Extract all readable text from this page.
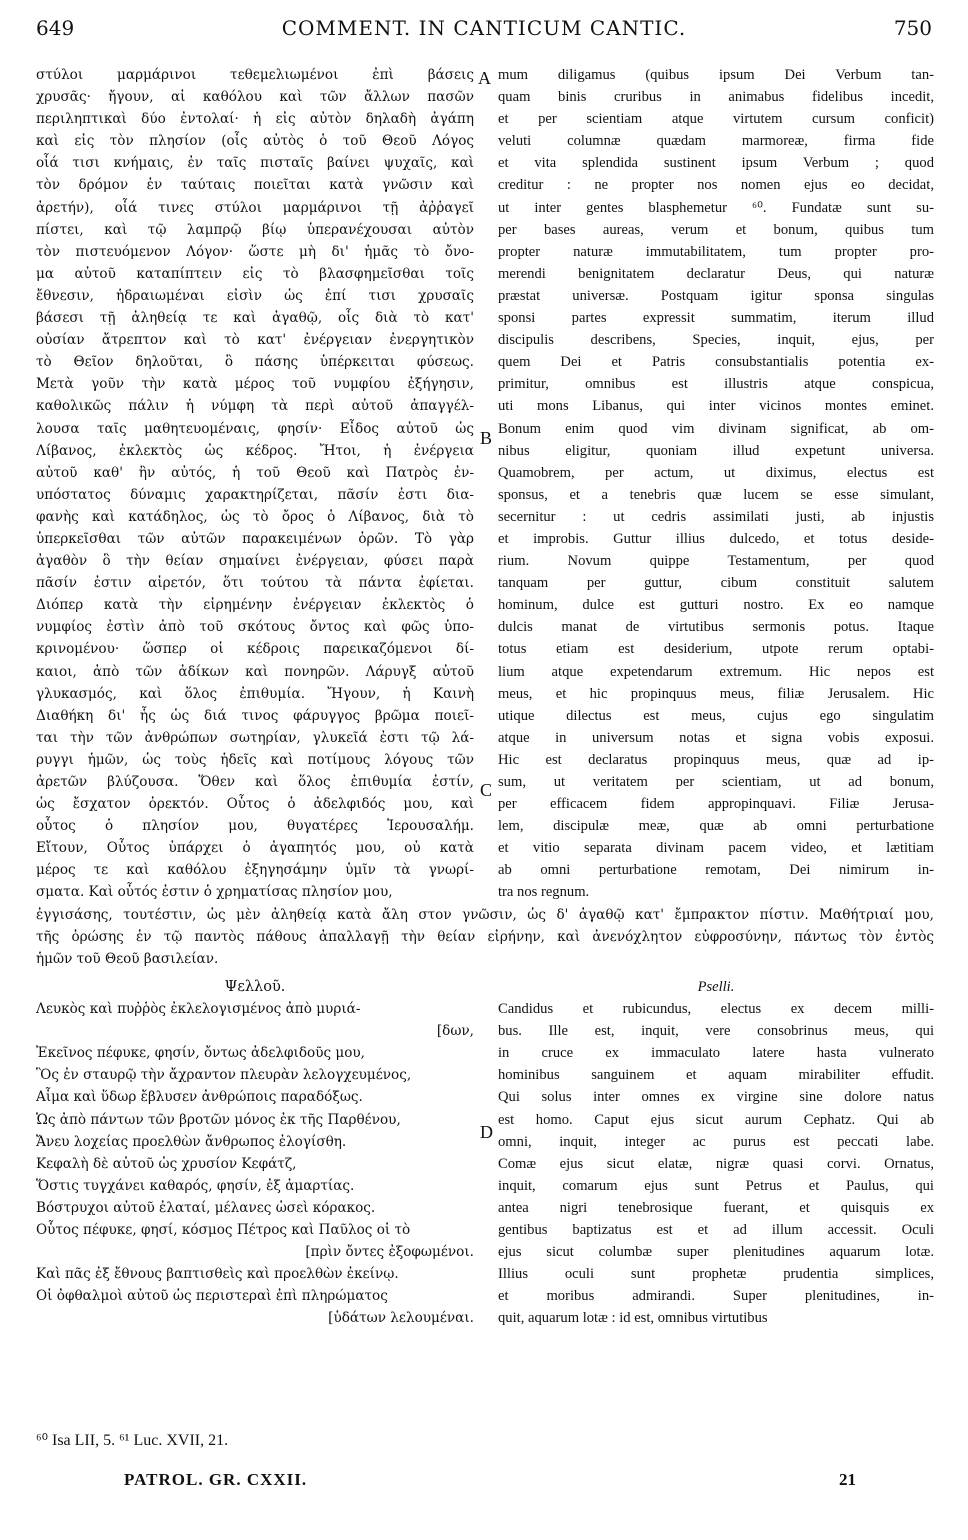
649	COMMENT. IN CANTICUM CANTIC.	750
στύλοι μαρμάρινοι τεθεμελιωμένοι ἐπὶ βάσεις
χρυσᾶς· ἤγουν, αἱ καθόλου καὶ τῶν ἄλλων πασῶν
περιληπτικαὶ δύο ἐντολαί· ἡ εἰς αὐτὸν δηλαδὴ ἀγάπη
καὶ εἰς τὸν πλησίον (οἷς αὐτὸς ὁ τοῦ Θεοῦ Λόγος
οἷά τισι κνήμαις, ἐν ταῖς πισταῖς βαίνει ψυχαῖς, καὶ
τὸν δρόμον ἐν ταύταις ποιεῖται κατὰ γνῶσιν καὶ
ἀρετήν), οἷά τινες στύλοι μαρμάρινοι τῇ ἀῤῥαγεῖ
πίστει, καὶ τῷ λαμπρῷ βίῳ ὑπερανέχουσαι αὐτὸν
τὸν πιστευόμενον Λόγον· ὥστε μὴ δι' ἡμᾶς τὸ ὄνο-
μα αὐτοῦ καταπίπτειν εἰς τὸ βλασφημεῖσθαι τοῖς
ἔθνεσιν, ἡδραιωμέναι εἰσὶν ὡς ἐπί τισι χρυσαῖς
βάσεσι τῇ ἀληθείᾳ τε καὶ ἀγαθῷ, οἷς διὰ τὸ κατ'
οὐσίαν ἄτρεπτον καὶ τὸ κατ' ἐνέργειαν ἐνεργητικὸν
τὸ Θεῖον δηλοῦται, ὃ πάσης ὑπέρκειται φύσεως.
Μετὰ γοῦν τὴν κατὰ μέρος τοῦ νυμφίου ἐξήγησιν,
καθολικῶς πάλιν ἡ νύμφη τὰ περὶ αὐτοῦ ἀπαγγέλ-
λουσα ταῖς μαθητευομέναις, φησίν· Εἶδος αὐτοῦ ὡς
Λίβανος, ἐκλεκτὸς ὡς κέδρος. Ἤτοι, ἡ ἐνέργεια
αὐτοῦ καθ' ἣν αὐτός, ἡ τοῦ Θεοῦ καὶ Πατρὸς ἐν-
υπόστατος δύναμις χαρακτηρίζεται, πᾶσίν ἐστι δια-
φανὴς καὶ κατάδηλος, ὡς τὸ ὄρος ὁ Λίβανος, διὰ τὸ
ὑπερκεῖσθαι τῶν αὐτῶν παρακειμένων ὁρῶν. Τὸ γὰρ
ἀγαθὸν ὃ τὴν θείαν σημαίνει ἐνέργειαν, φύσει παρὰ
πᾶσίν ἐστιν αἱρετόν, ὅτι τούτου τὰ πάντα ἐφίεται.
Διόπερ κατὰ τὴν εἰρημένην ἐνέργειαν ἐκλεκτὸς ὁ
νυμφίος ἐστὶν ἀπὸ τοῦ σκότους ὄντος καὶ φῶς ὑπο-
κρινομένου· ὥσπερ οἱ κέδροις παρεικαζόμενοι δί-
καιοι, ἀπὸ τῶν ἀδίκων καὶ πονηρῶν. Λάρυγξ αὐτοῦ
γλυκασμός, καὶ ὅλος ἐπιθυμία. Ἤγουν, ἡ Καινὴ
Διαθήκη δι' ἧς ὡς διά τινος φάρυγγος βρῶμα ποιεῖ-
ται τὴν τῶν ἀνθρώπων σωτηρίαν, γλυκεῖά ἐστι τῷ λά-
ρυγγι ἡμῶν, ὡς τοὺς ἡδεῖς καὶ ποτίμους λόγους τῶν
ἀρετῶν βλύζουσα. Ὅθεν καὶ ὅλος ἐπιθυμία ἐστίν,
ὡς ἔσχατον ὀρεκτόν. Οὗτος ὁ ἀδελφιδός μου, καὶ
οὗτος ὁ πλησίον μου, θυγατέρες Ἱερουσαλήμ.
Εἴτουν, Οὗτος ὑπάρχει ὁ ἀγαπητός μου, οὐ κατὰ
μέρος τε καὶ καθόλου ἐξηγησάμην ὑμῖν τὰ γνωρί-
σματα. Καὶ οὗτός ἐστιν ὁ χρηματίσας πλησίον μου,
mum diligamus (quibus ipsum Dei Verbum tan-
quam binis cruribus in animabus fidelibus incedit,
et per scientiam atque virtutem cursum conficit)
veluti columnæ quædam marmoreæ, firma fide
et vita splendida sustinent ipsum Verbum ; quod
creditur : ne propter nos nomen ejus eo decidat,
ut inter gentes blasphemetur ⁶⁰. Fundatæ sunt su-
per bases aureas, verum et bonum, quibus tum
propter naturæ immutabilitatem, tum propter pro-
merendi benignitatem declaratur Deus, qui naturæ
præstat universæ. Postquam igitur sponsa singulas
sponsi partes expressit summatim, iterum illud
discipulis describens, Species, inquit, ejus, per
quem Dei et Patris consubstantialis potentia ex-
primitur, omnibus est illustris atque conspicua,
uti mons Libanus, qui inter vicinos montes eminet.
Bonum enim quod vim divinam significat, ab om-
nibus eligitur, quoniam illud expetunt universa.
Quamobrem, per actum, ut diximus, electus est
sponsus, et a tenebris quæ lucem se esse simulant,
secernitur : ut cedris assimilati justi, ab injustis
et improbis. Guttur illius dulcedo, et totus deside-
rium. Novum quippe Testamentum, per quod
tanquam per guttur, cibum constituit salutem
hominum, dulce est gutturi nostro. Ex eo namque
dulcis manat de virtutibus sermonis potus. Itaque
totus etiam est desiderium, utpote rerum optabi-
lium atque expetendarum extremum. Hic nepos est
meus, et hic propinquus meus, filiæ Jerusalem. Hic
utique dilectus est meus, cujus ego singulatim
atque in universum notas et signa vobis exposui.
Hic est declaratus propinquus meus, quæ ad ip-
sum, ut veritatem per scientiam, ut ad bonum,
per efficacem fidem appropinquavi. Filiæ Jerusa-
lem, discipulæ meæ, quæ ab omni perturbatione
et vitio separata divinam pacem video, et lætitiam
ab omni perturbatione remotam, Dei nimirum in-
tra nos regnum.
A
B
C
D
ἐγγισάσης, τουτέστιν, ὡς μὲν ἀληθείᾳ κατὰ ἄλη στον γνῶσιν, ὡς δ' ἀγαθῷ κατ' ἔμπρακτον πίστιν. Μαθήτριαί μου,
τῆς ὁρώσης ἐν τῷ παντὸς πάθους ἀπαλλαγῇ τὴν θείαν εἰρήνην, καὶ ἀνενόχλητον εὐφροσύνην, πάντως τὸν ἐντὸς
ἡμῶν τοῦ Θεοῦ βασιλείαν.
Ψελλοῦ.
Λευκὸς καὶ πυῤῥὸς ἐκλελογισμένος ἀπὸ μυριά-
[δων,
Ἐκεῖνος πέφυκε, φησίν, ὄντως ἀδελφιδοῦς μου,
Ὃς ἐν σταυρῷ τὴν ἄχραντον πλευρὰν λελογχευμένος,
Αἷμα καὶ ὕδωρ ἔβλυσεν ἀνθρώποις παραδόξως.
Ὡς ἀπὸ πάντων τῶν βροτῶν μόνος ἐκ τῆς Παρθένου,
Ἄνευ λοχείας προελθὼν ἄνθρωπος ἐλογίσθη.
Κεφαλὴ δὲ αὐτοῦ ὡς χρυσίον Κεφάτζ,
Ὅστις τυγχάνει καθαρός, φησίν, ἐξ ἁμαρτίας.
Βόστρυχοι αὐτοῦ ἐλαταί, μέλανες ὡσεὶ κόρακος.
Οὗτος πέφυκε, φησί, κόσμος Πέτρος καὶ Παῦλος οἱ τὸ
[πρὶν ὄντες ἐξοφωμένοι.
Καὶ πᾶς ἐξ ἔθνους βαπτισθεὶς καὶ προελθὼν ἐκείνῳ.
Οἱ ὀφθαλμοὶ αὐτοῦ ὡς περιστεραὶ ἐπὶ πληρώματος
[ὑδάτων λελουμέναι.
Pselli.
Candidus et rubicundus, electus ex decem milli-
bus. Ille est, inquit, vere consobrinus meus, qui
in cruce ex immaculato latere hasta vulnerato
hominibus sanguinem et aquam mirabiliter effudit.
Qui solus inter omnes ex virgine sine dolore natus
est homo. Caput ejus sicut aurum Cephatz. Qui ab
omni, inquit, integer ac purus est peccati labe.
Comæ ejus sicut elatæ, nigræ quasi corvi. Ornatus,
inquit, comarum ejus sunt Petrus et Paulus, qui
antea nigri tenebrosique fuerant, et quisquis ex
gentibus baptizatus est et ad illum accessit. Oculi
ejus sicut columbæ super plenitudines aquarum lotæ.
Illius oculi sunt prophetæ prudentia simplices,
et moribus admirandi. Super plenitudines, in-
quit, aquarum lotæ : id est, omnibus virtutibus
⁶⁰ Isa LII, 5. ⁶¹ Luc. XVII, 21.
PATROL. GR. CXXII.	21
